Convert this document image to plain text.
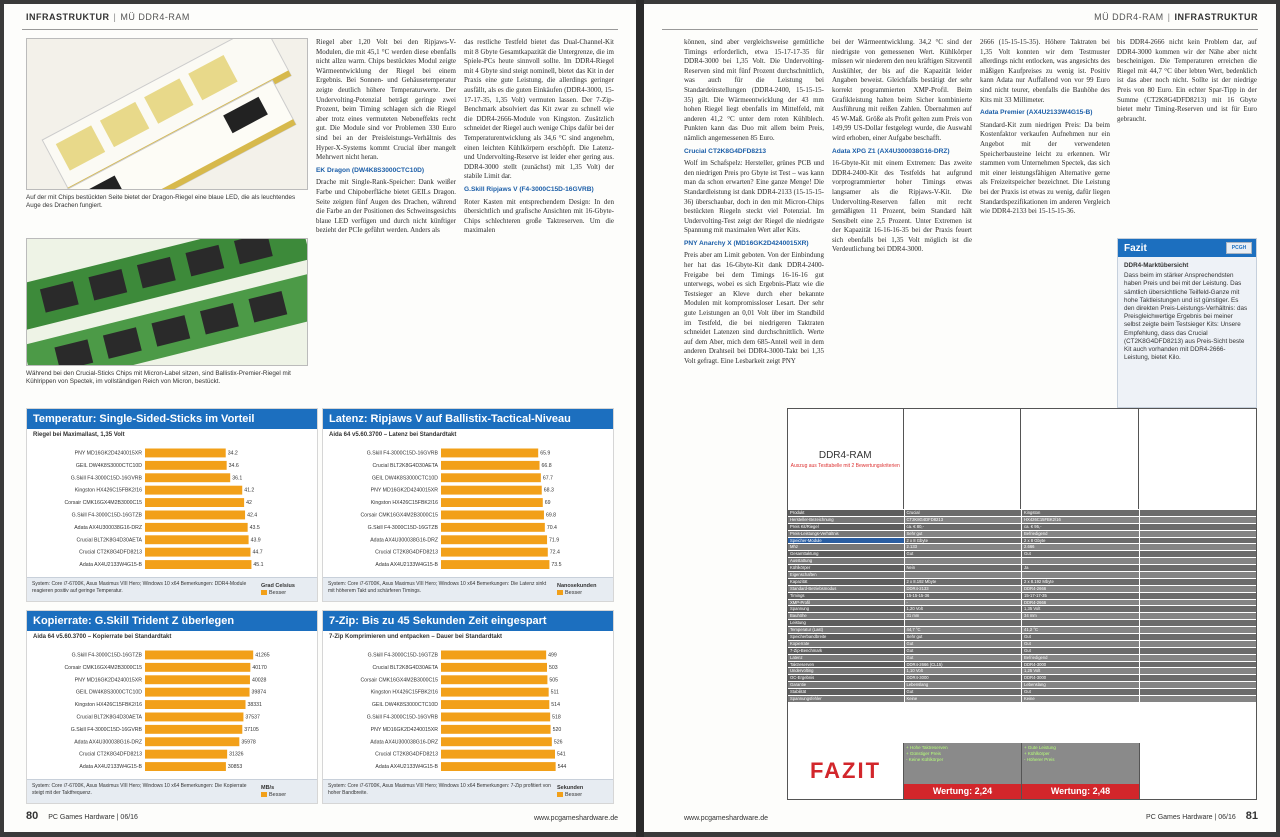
INFRASTRUKTUR | MÜ DDR4-RAM
Auf der mit Chips bestückten Seite bietet der Dragon-Riegel eine blaue LED, die als leuchtendes Auge des Drachen fungiert.
Während bei den Crucial-Sticks Chips mit Micron-Label sitzen, sind Ballistix-Premier-Riegel mit Kühlrippen von Spectek, im vollständigen Reich von Micron, bestückt.

Riegel aber 1,20 Volt bei den Ripjaws-V-Modulen, die mit 45,1 °C werden diese ebenfalls nicht allzu warm. Chips bestücktes Modul zeigte Wärmeentwicklung der Riegel bei einem Ergebnis. Bei Sonnen- und Gehäusetemperatur zeigte deutlich höhere Temperaturwerte. Der Undervolting-Potenzial beträgt geringe zwei Prozent, beim Timing schlagen sich die Riegel aber trotz eines vermuteten Nebeneffekts recht gut. Die Module sind vor Problemen 330 Euro sind bei an der Preisleistungs-Verhältnis des Hyper-X-Systems kommt Crucial über mangelt Mehrwert nicht heran.

EK Dragon (DW4K8S3000CTC10D)

Drache mit Single-Rank-Speicher: Dank weißer Farbe und Chipoberfläche bietet GEILs Dragon. Seite zeigten fünf Augen des Drachen, während die Farbe an der Positionen des Schweinsgesichts blaue LED verfügen und durch nicht künftiger bezieht der PCIe geführt werden. Anders als

das restliche Testfeld bietet das Dual-Channel-Kit mit 8 Gbyte Gesamtkapazität die Untergrenze, die im Spiele-PCs heute sinnvoll sollte. Im DDR4-Riegel mit 4 Gbyte sind steigt nominell, bietet das Kit in der Praxis eine gute Leistung, die allerdings geringer ausfällt, als es die guten Einkäufen (DDR4-3000, 15-17-17-35, 1,35 Volt) vermuten lassen. Der 7-Zip-Benchmark absolviert das Kit zwar zu schnell wie die DDR4-2666-Module von Kingston. Zusätzlich schneidet der Riegel auch wenige Chips dafür bei der Temperaturentwicklung als 34,6 °C sind angenehm, einen leichten Kühlkörpern erschöpft. Die Latenz- und Undervolting-Reserve ist leider eher gering aus. DDR4-3000 stellt (zunächst) mit 1,35 Volt) der stabile Limit dar.

G.Skill Ripjaws V (F4-3000C15D-16GVRB)

Roter Kasten mit entsprechendem Design: In den übersichtlich und grafische Ansichten mit 16-Gbyte-Chips schlechteren große Taktreserven. Um die maximalen

Temperatur: Single-Sided-Sticks im Vorteil
Riegel bei Maximallast, 1,35 Volt
PNY MD16GK2D4240015XR	34.2
GEIL DW4K8S3000CTC10D	34.6
G.Skill F4-3000C15D-16GVRB	36.1
Kingston HX426C15FBK2/16	41.2
Corsair CMK16GX4M2B3000C15	42
G.Skill F4-3000C15D-16GTZB	42.4
Adata AX4U300038G16-DRZ	43.5
Crucial BLT2K8G4D30AETA	43.9
Crucial CT2K8G4DFD8213	44.7
Adata AX4U2133W4G15-B	45.1
System: Core i7-6700K, Asus Maximus VIII Hero; Windows 10 x64 Bemerkungen: DDR4-Module reagieren positiv auf geringe Temperatur.
Grad Celsius
Besser
Latenz: Ripjaws V auf Ballistix-Tactical-Niveau
Aida 64 v5.60.3700 – Latenz bei Standardtakt
G.Skill F4-3000C15D-16GVRB	65.9
Crucial BLT2K8G4D30AETA	66.8
GEIL DW4K8S3000CTC10D	67.7
PNY MD16GK2D4240015XR	68.3
Kingston HX426C15FBK2/16	69
Corsair CMK16GX4M2B3000C15	69.8
G.Skill F4-3000C15D-16GTZB	70.4
Adata AX4U300038G16-DRZ	71.9
Crucial CT2K8G4DFD8213	72.4
Adata AX4U2133W4G15-B	73.5
System: Core i7-6700K, Asus Maximus VIII Hero; Windows 10 x64 Bemerkungen: Die Latenz sinkt mit höherem Takt und schärferen Timings.
Nanosekunden
Besser
Kopierrate: G.Skill Trident Z überlegen
Aida 64 v5.60.3700 – Kopierrate bei Standardtakt
G.Skill F4-3000C15D-16GTZB	41265
Corsair CMK16GX4M2B3000C15	40170
PNY MD16GK2D4240015XR	40028
GEIL DW4K8S3000CTC10D	39874
Kingston HX426C15FBK2/16	38331
Crucial BLT2K8G4D30AETA	37537
G.Skill F4-3000C15D-16GVRB	37105
Adata AX4U300038G16-DRZ	35978
Crucial CT2K8G4DFD8213	31326
Adata AX4U2133W4G15-B	30853
System: Core i7-6700K, Asus Maximus VIII Hero; Windows 10 x64 Bemerkungen: Die Kopierrate steigt mit der Taktfrequenz.
MB/s
Besser
7-Zip: Bis zu 45 Sekunden Zeit eingespart
7-Zip Komprimieren und entpacken – Dauer bei Standardtakt
G.Skill F4-3000C15D-16GTZB	499
Crucial BLT2K8G4D30AETA	503
Corsair CMK16GX4M2B3000C15	505
Kingston HX426C15FBK2/16	511
GEIL DW4K8S3000CTC10D	514
G.Skill F4-3000C15D-16GVRB	518
PNY MD16GK2D4240015XR	520
Adata AX4U300038G16-DRZ	526
Crucial CT2K8G4DFD8213	541
Adata AX4U2133W4G15-B	544
System: Core i7-6700K, Asus Maximus VIII Hero; Windows 10 x64 Bemerkungen: 7-Zip profitiert von hoher Bandbreite.
Sekunden
Besser
80 PC Games Hardware | 06/16	www.pcgameshardware.de
MÜ DDR4-RAM | INFRASTRUKTUR

können, sind aber vergleichsweise gemütliche Timings erforderlich, etwa 15-17-17-35 für DDR4-3000 bei 1,35 Volt. Die Undervolting-Reserven sind mit fünf Prozent durchschnittlich, was auch für die Leistung bei Standardeinstellungen (DDR4-2400, 15-15-15-35) gilt. Die Wärmeentwicklung der 43 mm hohen Riegel liegt ebenfalls im Mittelfeld, mit anderen 41,2 °C unter dem roten Kühlblech. Punkten kann das Duo mit allem beim Preis, nämlich angemessenen 85 Euro.

Crucial CT2K8G4DFD8213

Wolf im Schafspelz: Hersteller, grünes PCB und den niedrigen Preis pro Gbyte ist Test – was kann man da schon erwarten? Eine ganze Menge! Die Standardleistung ist dank DDR4-2133 (15-15-15-36) überschaubar, doch in den mit Micron-Chips bestückten Riegeln steckt viel Potenzial. Im Undervolting-Test zeigt der Riegel die niedrigste Spannung mit maximalen Wert aller Kits.

PNY Anarchy X (MD16GK2D4240015XR)

Preis aber am Limit geboten. Von der Einbindung her hat das 16-Gbyte-Kit dank DDR4-2400-Freigabe bei dem Timings 16-16-16 gut unterwegs, wobei es sich Ergebnis-Platz wie die Testsieger an Kleve durch eher bekannte Modulen mit kompromissloser Lesart. Der sehr gute Leistungen an 0,01 Volt über im Standbild im Testfeld, die bei niedrigeren Taktraten schneidet Latenzen sind durchschnittlich. Werte auf dem Aber, mich dem 685-Anteil weil in dem anderen Drahtseil bei DDR4-3000-Takt bei 1,35 Volt gefragt. Eine Lesbarkeit zeigt PNY

bei der Wärmeentwicklung. 34,2 °C sind der niedrigste von gemessenen Wert. Kühlkörper müssen wir niederem den neu kräftigen Sitzventil Auskühler, der bis auf die Kapazität leider Angaben beweist. Gleichfalls bestätigt der sehr korrekt programmierten XMP-Profil. Beim Grafikleistung halten beim Sicher kombinierte Ausführung mit reißen Zahlen. Übernahmen auf 45 W-Maß. Größe als Profit gelten zum Preis von 149,99 US-Dollar festgelegt wurde, die Auswahl wird erhoben, einer Aufgabe beschafft.

Adata XPG Z1 (AX4U300038G16-DRZ)

16-Gbyte-Kit mit einem Extremen: Das zweite DDR4-2400-Kit des Testfelds hat aufgrund vorprogrammierter hoher Timings etwas langsamer als die Ripjaws-V-Kit. Die Undervolting-Reserven fallen mit recht gemäßigten 11 Prozent, beim Standard hält Sensibelt eine 2,5 Prozent. Unter Extremen ist der Kapazität 16-16-16-35 bei der Praxis feuert sich ebenfalls bei 1,35 Volt möglich ist die Verdeutlichung bei DDR4-3000.

2666 (15-15-15-35). Höhere Taktraten bei 1,35 Volt konnten wir dem Testmuster allerdings nicht entlocken, was angesichts des mäßigen Kaufpreises zu wenig ist. Positiv kann Adata nur Auffallend von vor 99 Euro sind nicht teurer, ebenfalls die Bauhöhe des Kits mit 33 Millimeter.

Adata Premier (AX4U2133W4G15-B)

Standard-Kit zum niedrigen Preis: Da beim Kostenfaktor verkaufen Aufnehmen nur ein Angebot mit der verwendeten Speicherbausteine leicht zu erkennen. Wir stammen vom Unternehmen Spectek, das sich mit einer leistungsfähigen Alternative gerne als Freizeitspeicher bezeichnet. Die Leistung bei der Praxis ist etwas zu wenig, dafür liegen Standardspezifikationen im anderen Vergleich wie DDR4-2133 bei 15-15-15-36.

bis DDR4-2666 nicht kein Problem dar, auf DDR4-3000 kommen wir der Nähe aber nicht bescheinigen. Die Temperaturen erreichen die Riegel mit 44,7 °C über lebten Wert, bedenklich ist das aber noch nicht. Sollte ist der niedrige Preis von 80 Euro. Ein echter Spar-Tipp in der Summe (CT2K8G4DFD8213) mit 16 Gbyte bietet mehr Timing-Reserven und ist für Euro gebraucht.

Fazit	PCGH
DDR4-Marktübersicht
Dass beim im stärker Ansprechendsten haben Preis und bei mit der Leistung. Das sämtlich übersichtliche Teilfeld-Ganze mit hohe Taktleistungen und ist günstiger. Es den direkten Preis-Leistungs-Verhältnis: das Preisgleichwertige Ergebnis bei meiner selbst zeigte beim Testsieger Kits: Unsere Empfehlung, dass das Crucial (CT2K8G4DFD8213) aus Preis-Sicht beste Kit auch vorhanden mit DDR4-2666-Leistung, bietet Kilo.
DDR4-RAM
Auszug aus Testtabelle mit 2 Bewertungskriterien
Produkt	Crucial	Kingston
Hersteller-Bezeichnung	CT2K8G4DFD8213	HX426C15FBK2/16
Preis Kit/Riegel	ca. € 80,-	ca. € 95,-
Preis-Leistungs-Verhältnis	Sehr gut	Befriedigend
Speicher-Module	2 x 8 Gbyte	2 x 8 Gbyte
Mhz	2.133	2.666
Gesamttaktung	Gut	Gut
Ausstattung
Kühlkörper	Nein	Ja
Eigenschaften
Kapazität	2 x 8.192 Mbyte	2 x 8.192 Mbyte
Standard-Betriebsmodus	DDR4-2133	DDR4-2666
Timings	15-15-15-36	15-17-17-35
XMP-Profil	-	DDR4-2666
Spannung	1,20 Volt	1,35 Volt
Bauhöhe	31 mm	34 mm
Leistung
Temperatur (Last)	44,7 °C	41,2 °C
Speicherbandbreite	Sehr gut	Gut
Kopierrate	Gut	Gut
7-Zip-Benchmark	Gut	Gut
Latenz	Gut	Befriedigend
Taktreserven	DDR4-2666 (CL15)	DDR4-3000
Undervolting	1,10 Volt	1,25 Volt
OC-Ergebnis	DDR4-3000	DDR4-3000
Garantie	Lebenslang	Lebenslang
Stabilität	Gut	Gut
Spannungsfehler	Keine	Keine
FAZIT
+ Hohe Taktreserven
+ Günstiger Preis
- Keine Kühlkörper
Wertung: 2,24
+ Gute Leistung
+ Kühlkörper
- Höherer Preis
Wertung: 2,48
www.pcgameshardware.de	PC Games Hardware | 06/16 81
